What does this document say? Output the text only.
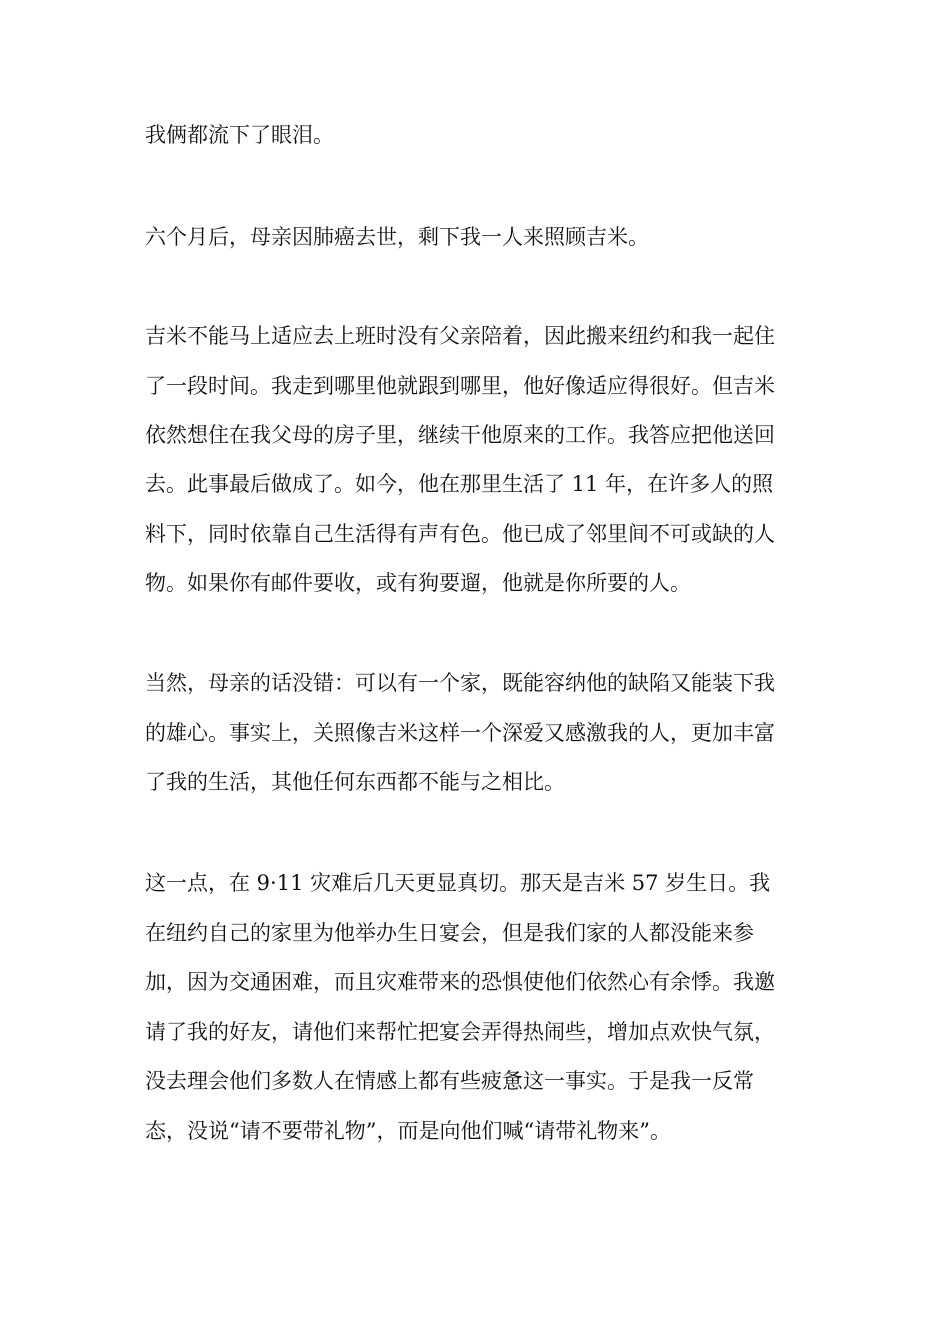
我俩都流下了眼泪。
六个月后，母亲因肺癌去世，剩下我一人来照顾吉米。
吉米不能马上适应去上班时没有父亲陪着，因此搬来纽约和我一起住
了一段时间。我走到哪里他就跟到哪里，他好像适应得很好。但吉米
依然想住在我父母的房子里，继续干他原来的工作。我答应把他送回
去。此事最后做成了。如今，他在那里生活了 11 年，在许多人的照
料下，同时依靠自己生活得有声有色。他已成了邻里间不可或缺的人
物。如果你有邮件要收，或有狗要遛，他就是你所要的人。
当然，母亲的话没错：可以有一个家，既能容纳他的缺陷又能装下我
的雄心。事实上，关照像吉米这样一个深爱又感激我的人，更加丰富
了我的生活，其他任何东西都不能与之相比。
这一点，在 9·11 灾难后几天更显真切。那天是吉米 57 岁生日。我
在纽约自己的家里为他举办生日宴会，但是我们家的人都没能来参
加，因为交通困难，而且灾难带来的恐惧使他们依然心有余悸。我邀
请了我的好友，请他们来帮忙把宴会弄得热闹些，增加点欢快气氛，
没去理会他们多数人在情感上都有些疲惫这一事实。于是我一反常
态，没说“请不要带礼物”，而是向他们喊“请带礼物来”。
